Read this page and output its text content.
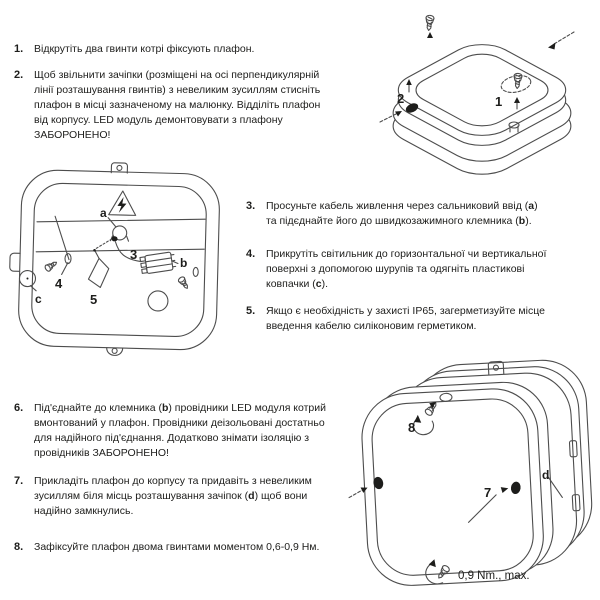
1.	Відкрутіть два гвинти котрі фіксують плафон.
2.	Щоб звільнити зачіпки (розміщені на осі перпендикулярній лінії розташування гвинтів) з невеликим зусиллям стисніть плафон в місці зазначеному на малюнку. Відділіть плафон від корпусу. LED модуль демонтовувати з плафону ЗАБОРОНЕНО!
3.	Просуньте кабель живлення через сальниковий ввід (a) та підєднайте його до швидкозажимного клемника (b).
4.	Прикрутіть світильник до горизонтальної чи вертикальної поверхні з допомогою шурупів та одягніть пластикові ковпачки (c).
5.	Якщо є необхідність у захисті IP65, загерметизуйте місце введення кабелю силіконовим герметиком.
6.	Під'єднайте до клемника (b) провідники LED модуля котрий вмонтований у плафон. Провідники деізольовані достатньо для надійного під'єднання. Додатково знімати ізоляцію з провідників ЗАБОРОНЕНО!
7.	Прикладіть плафон до корпусу та придавіть з невеликим зусиллям біля місць розташування зачіпок (d) щоб вони надійно замкнулись.
8.	Зафіксуйте плафон двома гвинтами моментом 0,6-0,9 Нм.
1
2
a
3
b
4
5
c
8
7
d
0,9 Nm., max.
